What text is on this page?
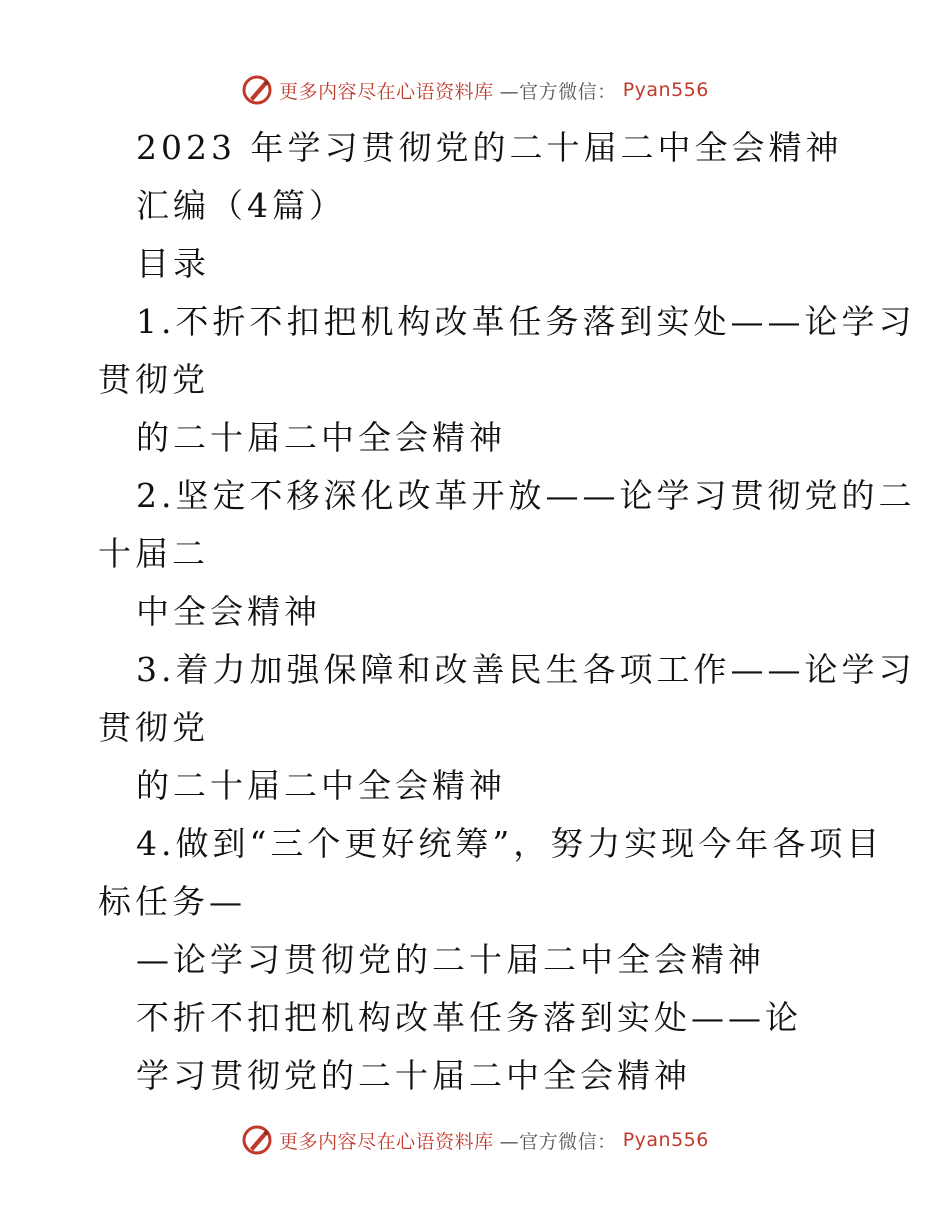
更多内容尽在心语资料库 —官方微信： Pyan556
2023 年学习贯彻党的二十届二中全会精神
汇编（4篇）
目录
1.不折不扣把机构改革任务落到实处——论学习
贯彻党
的二十届二中全会精神
2.坚定不移深化改革开放——论学习贯彻党的二
十届二
中全会精神
3.着力加强保障和改善民生各项工作——论学习
贯彻党
的二十届二中全会精神
4.做到“三个更好统筹”，努力实现今年各项目
标任务—
—论学习贯彻党的二十届二中全会精神
不折不扣把机构改革任务落到实处——论
学习贯彻党的二十届二中全会精神
更多内容尽在心语资料库 —官方微信： Pyan556
